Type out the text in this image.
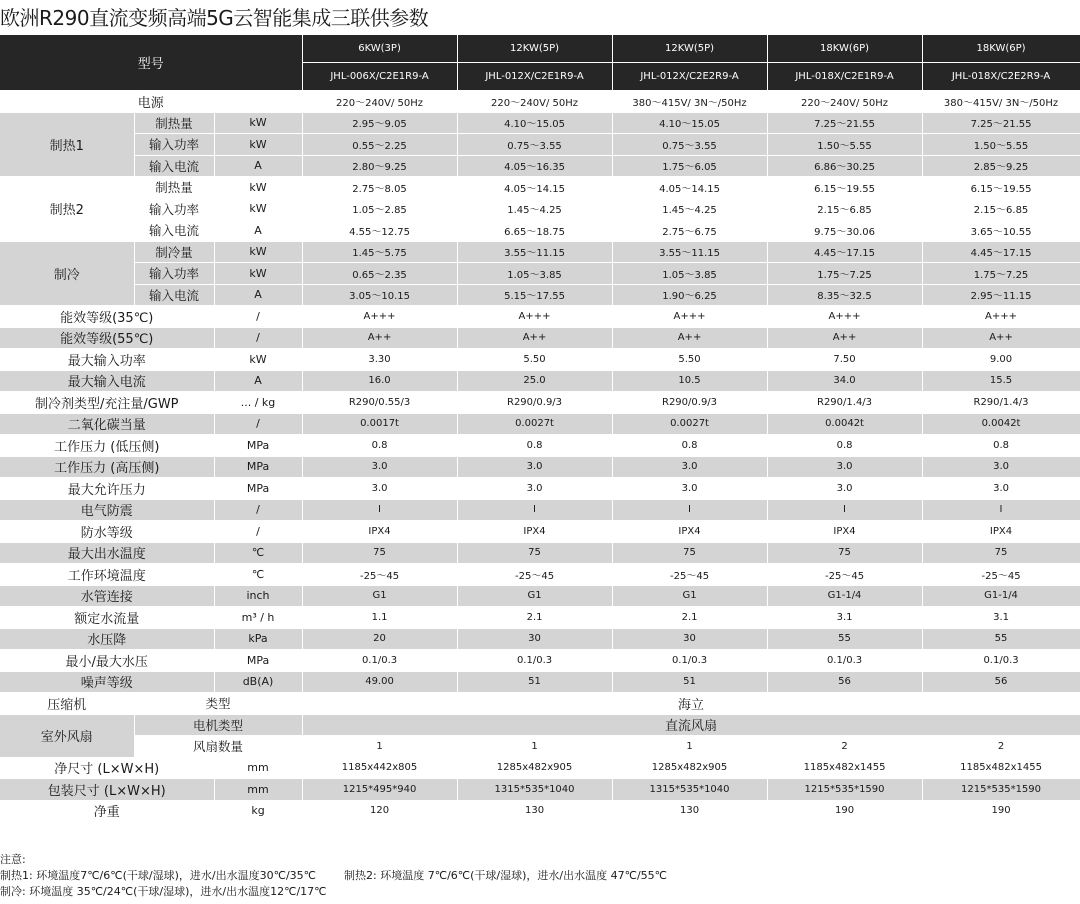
欧洲R290直流变频高端5G云智能集成三联供参数
型号			6KW(3P)	12KW(5P)	12KW(5P)	18KW(6P)	18KW(6P)
			JHL-006X/C2E1R9-A	JHL-012X/C2E1R9-A	JHL-012X/C2E2R9-A	JHL-018X/C2E1R9-A	JHL-018X/C2E2R9-A
电源			220～240V/ 50Hz	220～240V/ 50Hz	380～415V/ 3N～/50Hz	220～240V/ 50Hz	380～415V/ 3N～/50Hz
制热1	制热量	kW	2.95～9.05	4.10～15.05	4.10～15.05	7.25～21.55	7.25～21.55
	输入功率	kW	0.55～2.25	0.75～3.55	0.75～3.55	1.50～5.55	1.50～5.55
	输入电流	A	2.80～9.25	4.05～16.35	1.75～6.05	6.86～30.25	2.85～9.25
制热2	制热量	kW	2.75～8.05	4.05～14.15	4.05～14.15	6.15～19.55	6.15～19.55
	输入功率	kW	1.05～2.85	1.45～4.25	1.45～4.25	2.15～6.85	2.15～6.85
	输入电流	A	4.55～12.75	6.65～18.75	2.75～6.75	9.75～30.06	3.65～10.55
制冷	制冷量	kW	1.45～5.75	3.55～11.15	3.55～11.15	4.45～17.15	4.45～17.15
	输入功率	kW	0.65～2.35	1.05～3.85	1.05～3.85	1.75～7.25	1.75～7.25
	输入电流	A	3.05～10.15	5.15～17.55	1.90～6.25	8.35～32.5	2.95～11.15
能效等级(35℃)		/	A+++	A+++	A+++	A+++	A+++
能效等级(55℃)		/	A++	A++	A++	A++	A++
最大输入功率		kW	3.30	5.50	5.50	7.50	9.00
最大输入电流		A	16.0	25.0	10.5	34.0	15.5
制冷剂类型/充注量/GWP		... / kg	R290/0.55/3	R290/0.9/3	R290/0.9/3	R290/1.4/3	R290/1.4/3
二氧化碳当量		/	0.0017t	0.0027t	0.0027t	0.0042t	0.0042t
工作压力 (低压侧)		MPa	0.8	0.8	0.8	0.8	0.8
工作压力 (高压侧)		MPa	3.0	3.0	3.0	3.0	3.0
最大允许压力		MPa	3.0	3.0	3.0	3.0	3.0
电气防震		/	I	I	I	I	I
防水等级		/	IPX4	IPX4	IPX4	IPX4	IPX4
最大出水温度		℃	75	75	75	75	75
工作环境温度		℃	-25～45	-25～45	-25～45	-25～45	-25～45
水管连接		inch	G1	G1	G1	G1-1/4	G1-1/4
额定水流量		m³ / h	1.1	2.1	2.1	3.1	3.1
水压降		kPa	20	30	30	55	55
最小/最大水压		MPa	0.1/0.3	0.1/0.3	0.1/0.3	0.1/0.3	0.1/0.3
噪声等级		dB(A)	49.00	51	51	56	56
压缩机	类型		海立				
室外风扇	电机类型		直流风扇				
	风扇数量		1	1	1	2	2
净尺寸 (L×W×H)		mm	1185x442x805	1285x482x905	1285x482x905	1185x482x1455	1185x482x1455
包装尺寸 (L×W×H)		mm	1215*495*940	1315*535*1040	1315*535*1040	1215*535*1590	1215*535*1590
净重		kg	120	130	130	190	190
注意:
制热1: 环境温度7℃/6℃(干球/湿球)，进水/出水温度30℃/35℃	制热2: 环境温度 7℃/6℃(干球/湿球)，进水/出水温度 47℃/55℃
制冷: 环境温度 35℃/24℃(干球/湿球)，进水/出水温度12℃/17℃
